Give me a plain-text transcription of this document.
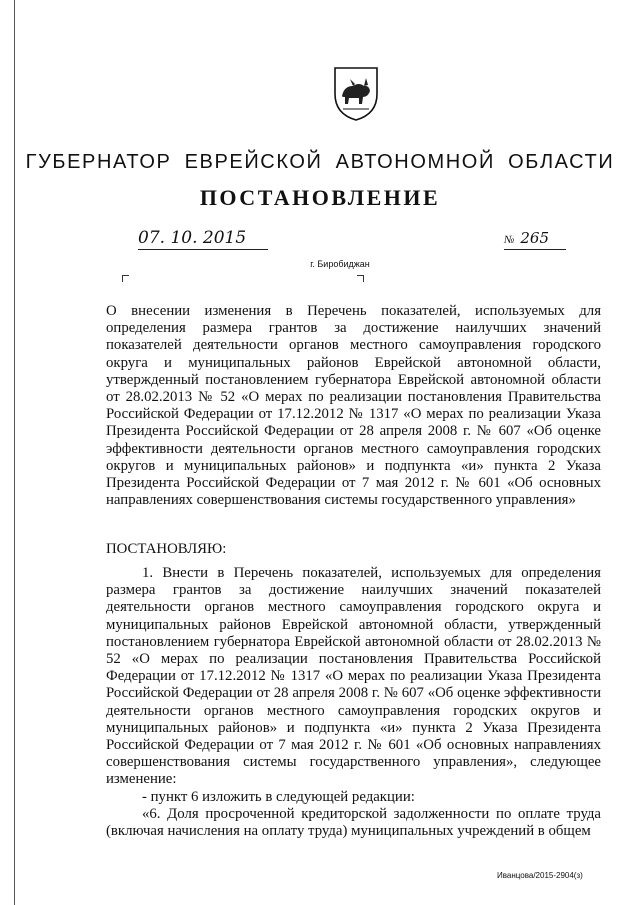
ГУБЕРНАТОР ЕВРЕЙСКОЙ АВТОНОМНОЙ ОБЛАСТИ
ПОСТАНОВЛЕНИЕ
07. 10. 2015	№ 265
г. Биробиджан
О внесении изменения в Перечень показателей, используемых для определения размера грантов за достижение наилучших значений показателей деятельности органов местного самоуправления городского округа и муниципальных районов Еврейской автономной области, утвержденный постановлением губернатора Еврейской автономной области от 28.02.2013 № 52 «О мерах по реализации постановления Правительства Российской Федерации от 17.12.2012 № 1317 «О мерах по реализации Указа Президента Российской Федерации от 28 апреля 2008 г. № 607 «Об оценке эффективности деятельности органов местного самоуправления городских округов и муниципальных районов» и подпункта «и» пункта 2 Указа Президента Российской Федерации от 7 мая 2012 г. № 601 «Об основных направлениях совершенствования системы государственного управления»
ПОСТАНОВЛЯЮ:

1. Внести в Перечень показателей, используемых для определения размера грантов за достижение наилучших значений показателей деятельности органов местного самоуправления городского округа и муниципальных районов Еврейской автономной области, утвержденный постановлением губернатора Еврейской автономной области от 28.02.2013 № 52 «О мерах по реализации постановления Правительства Российской Федерации от 17.12.2012 № 1317 «О мерах по реализации Указа Президента Российской Федерации от 28 апреля 2008 г. № 607 «Об оценке эффективности деятельности органов местного самоуправления городских округов и муниципальных районов» и подпункта «и» пункта 2 Указа Президента Российской Федерации от 7 мая 2012 г. № 601 «Об основных направлениях совершенствования системы государственного управления», следующее изменение:

- пункт 6 изложить в следующей редакции:

«6. Доля просроченной кредиторской задолженности по оплате труда (включая начисления на оплату труда) муниципальных учреждений в общем

Иванцова/2015-2904(з)
